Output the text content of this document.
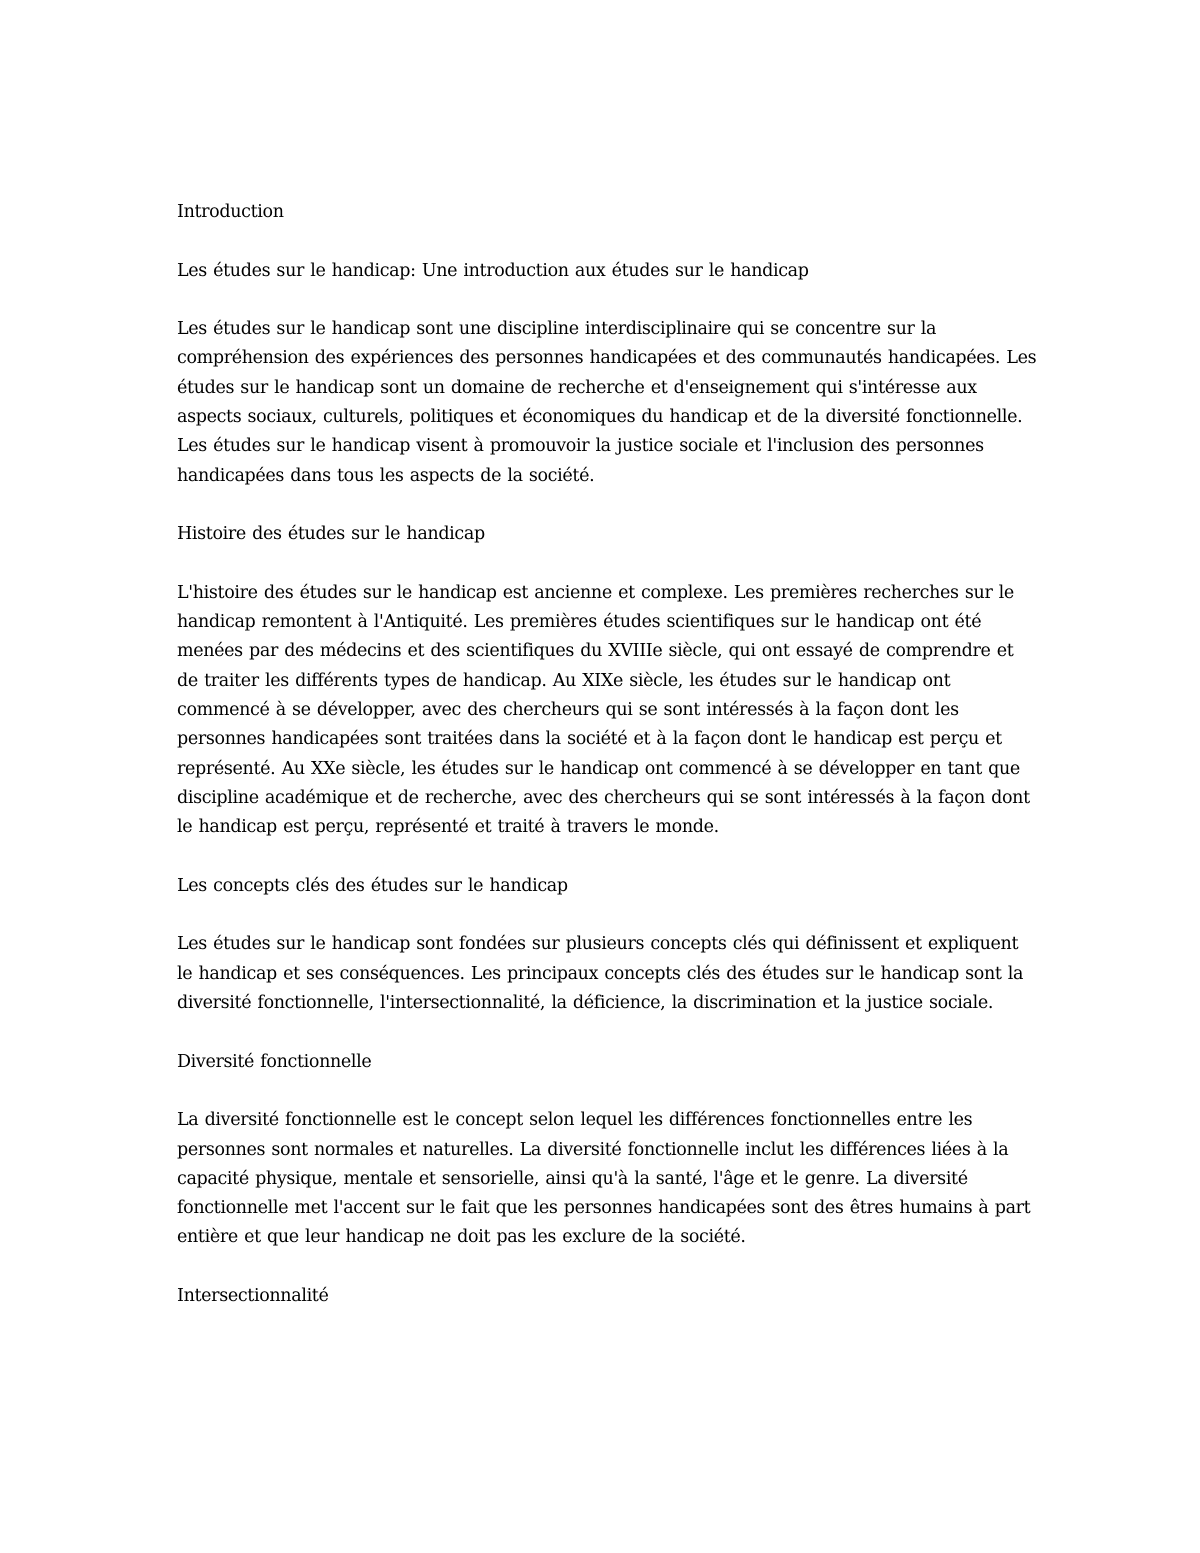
Introduction
Les études sur le handicap: Une introduction aux études sur le handicap
Les études sur le handicap sont une discipline interdisciplinaire qui se concentre sur la compréhension des expériences des personnes handicapées et des communautés handicapées. Les études sur le handicap sont un domaine de recherche et d'enseignement qui s'intéresse aux aspects sociaux, culturels, politiques et économiques du handicap et de la diversité fonctionnelle. Les études sur le handicap visent à promouvoir la justice sociale et l'inclusion des personnes handicapées dans tous les aspects de la société.
Histoire des études sur le handicap
L'histoire des études sur le handicap est ancienne et complexe. Les premières recherches sur le handicap remontent à l'Antiquité. Les premières études scientifiques sur le handicap ont été menées par des médecins et des scientifiques du XVIIIe siècle, qui ont essayé de comprendre et de traiter les différents types de handicap. Au XIXe siècle, les études sur le handicap ont commencé à se développer, avec des chercheurs qui se sont intéressés à la façon dont les personnes handicapées sont traitées dans la société et à la façon dont le handicap est perçu et représenté. Au XXe siècle, les études sur le handicap ont commencé à se développer en tant que discipline académique et de recherche, avec des chercheurs qui se sont intéressés à la façon dont le handicap est perçu, représenté et traité à travers le monde.
Les concepts clés des études sur le handicap
Les études sur le handicap sont fondées sur plusieurs concepts clés qui définissent et expliquent le handicap et ses conséquences. Les principaux concepts clés des études sur le handicap sont la diversité fonctionnelle, l'intersectionnalité, la déficience, la discrimination et la justice sociale.
Diversité fonctionnelle
La diversité fonctionnelle est le concept selon lequel les différences fonctionnelles entre les personnes sont normales et naturelles. La diversité fonctionnelle inclut les différences liées à la capacité physique, mentale et sensorielle, ainsi qu'à la santé, l'âge et le genre. La diversité fonctionnelle met l'accent sur le fait que les personnes handicapées sont des êtres humains à part entière et que leur handicap ne doit pas les exclure de la société.
Intersectionnalité
